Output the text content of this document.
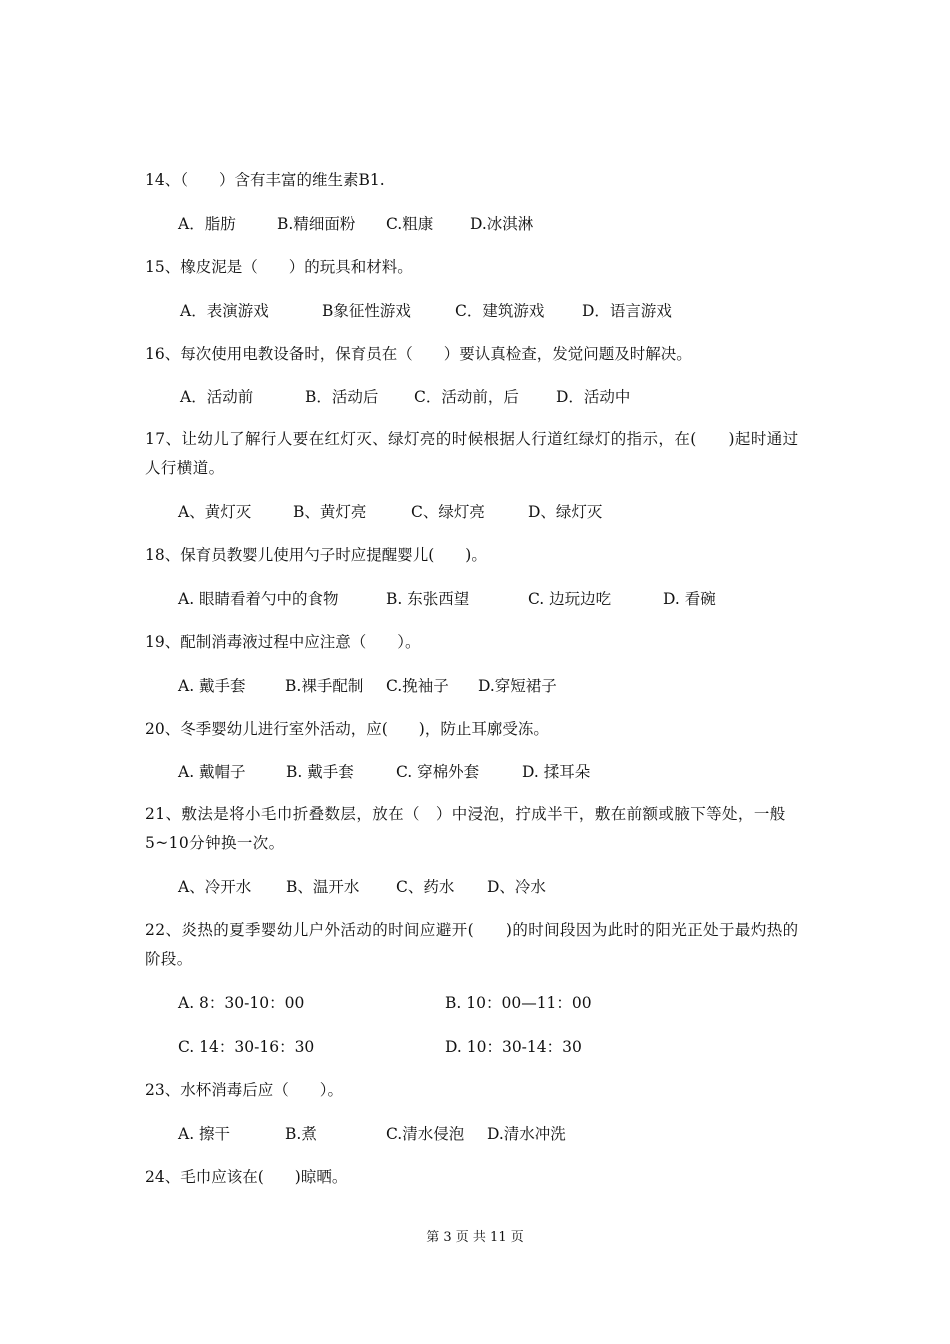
14、（　　）含有丰富的维生素B1.
A．脂肪	B.精细面粉 C.粗康 D.冰淇淋
15、橡皮泥是（　　）的玩具和材料。
A．表演游戏	B象征性游戏	C．建筑游戏 D．语言游戏
16、每次使用电教设备时，保育员在（　　）要认真检查，发觉问题及时解决。
A．活动前	B．活动后 C．活动前，后 D．活动中
17、让幼儿了解行人要在红灯灭、绿灯亮的时候根据人行道红绿灯的指示，在(　　)起时通过人行横道。
A、黄灯灭	B、黄灯亮	C、绿灯亮	D、绿灯灭
18、保育员教婴儿使用勺子时应提醒婴儿(　　)。
A. 眼睛看着勺中的食物	B. 东张西望	C. 边玩边吃	D. 看碗
19、配制消毒液过程中应注意（　　）。
A. 戴手套	B.裸手配制 C.挽袖子 D.穿短裙子
20、冬季婴幼儿进行室外活动，应(　　)，防止耳廓受冻。
A. 戴帽子	B. 戴手套	C. 穿棉外套	D. 揉耳朵
21、敷法是将小毛巾折叠数层，放在（　）中浸泡，拧成半干，敷在前额或腋下等处，一般5~10分钟换一次。
A、冷开水 B、温开水 C、药水 D、冷水
22、炎热的夏季婴幼儿户外活动的时间应避开(　　)的时间段因为此时的阳光正处于最灼热的阶段。
A. 8：30-10：00	B. 10：00—11：00
C. 14：30-16：30	D. 10：30-14：30
23、水杯消毒后应（　　）。
A. 擦干	B.煮	C.清水侵泡 D.清水冲洗
24、毛巾应该在(　　)晾晒。
第 3 页 共 11 页
